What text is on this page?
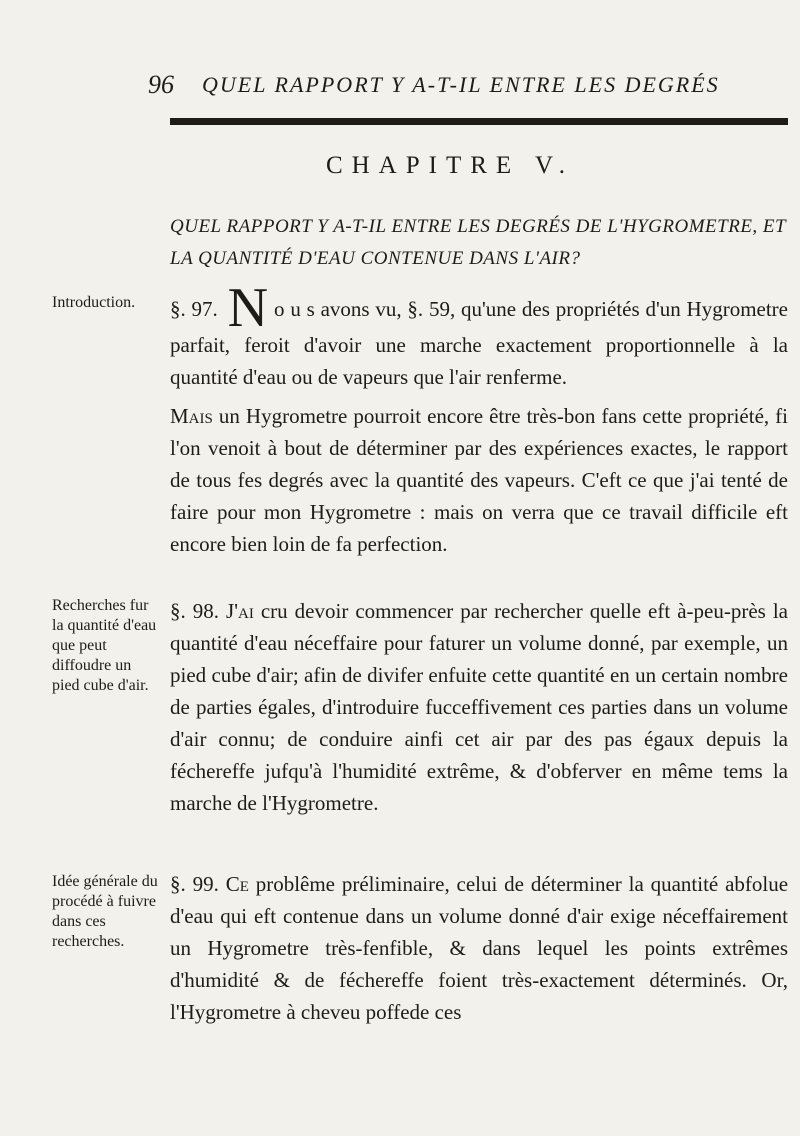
96 QUEL RAPPORT Y A-T-IL ENTRE LES DEGRÉS
CHAPITRE V.
QUEL RAPPORT Y A-T-IL ENTRE LES DEGRÉS DE L'HYGROMETRE, ET LA QUANTITÉ D'EAU CONTENUE DANS L'AIR?
Introduction.
Recherches fur la quantité d'eau que peut diffoudre un pied cube d'air.
Idée générale du procédé à fuivre dans ces recherches.

§. 97. N o u s avons vu, §. 59, qu'une des propriétés d'un Hygrometre parfait, feroit d'avoir une marche exactement proportionnelle à la quantité d'eau ou de vapeurs que l'air renferme.

Mais un Hygrometre pourroit encore être très-bon fans cette propriété, fi l'on venoit à bout de déterminer par des expériences exactes, le rapport de tous fes degrés avec la quantité des vapeurs. C'eft ce que j'ai tenté de faire pour mon Hygrometre : mais on verra que ce travail difficile eft encore bien loin de fa perfection.

§. 98. J'ai cru devoir commencer par rechercher quelle eft à-peu-près la quantité d'eau néceffaire pour faturer un volume donné, par exemple, un pied cube d'air; afin de divifer enfuite cette quantité en un certain nombre de parties égales, d'introduire fucceffivement ces parties dans un volume d'air connu; de conduire ainfi cet air par des pas égaux depuis la féchereffe jufqu'à l'humidité extrême, & d'obferver en même tems la marche de l'Hygrometre.

§. 99. Ce problême préliminaire, celui de déterminer la quantité abfolue d'eau qui eft contenue dans un volume donné d'air exige néceffairement un Hygrometre très-fenfible, & dans lequel les points extrêmes d'humidité & de féchereffe foient très-exactement déterminés. Or, l'Hygrometre à cheveu poffede ces
